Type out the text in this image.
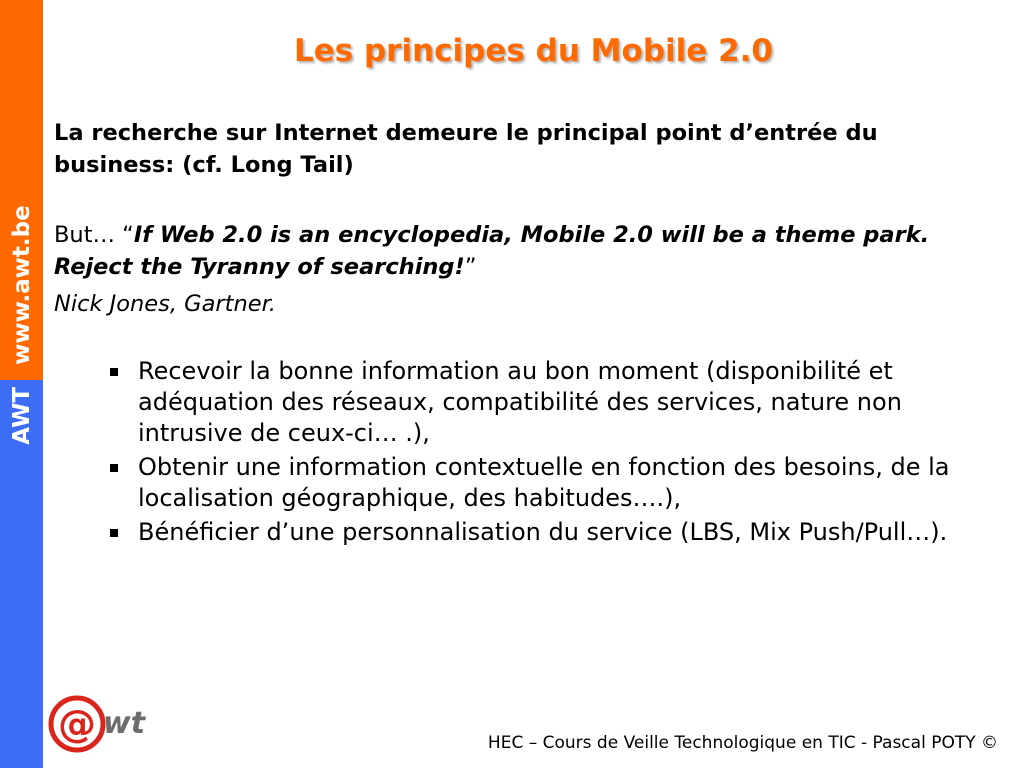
AWTwww.awt.be
Les principes du Mobile 2.0

La recherche sur Internet demeure le principal point d’entrée du business: (cf. Long Tail)

But… “If Web 2.0 is an encyclopedia, Mobile 2.0 will be a theme park. Reject the Tyranny of searching!”

Nick Jones, Gartner.

Recevoir la bonne information au bon moment (disponibilité et adéquation des réseaux, compatibilité des services, nature non intrusive de ceux-ci… .),
Obtenir une information contextuelle en fonction des besoins, de la localisation géographique, des habitudes….),
Bénéficier d’une personnalisation du service (LBS, Mix Push/Pull…).
@ wt
HEC – Cours de Veille Technologique en TIC - Pascal POTY ©
